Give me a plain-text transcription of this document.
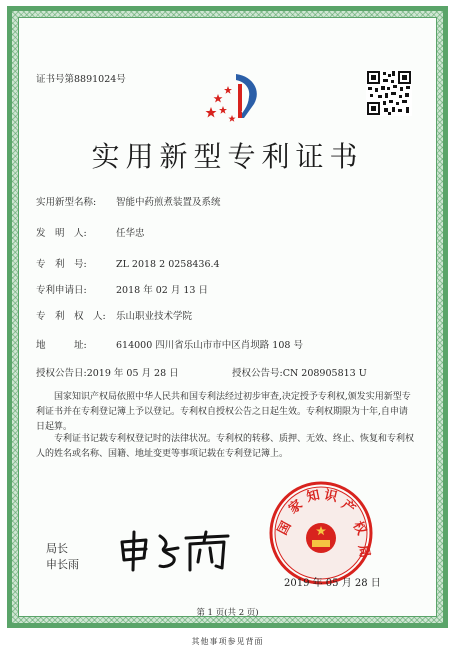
证书号第8891024号
实用新型专利证书
实用新型名称: 智能中药煎煮装置及系统
发　明　人:	任华忠
专　利　号:	ZL 2018 2 0258436.4
专利申请日:	2018 年 02 月 13 日
专　利　权　人: 乐山职业技术学院
地　　　址:	614000 四川省乐山市市中区肖坝路 108 号
授权公告日:2019 年 05 月 28 日	授权公告号:CN 208905813 U
国家知识产权局依照中华人民共和国专利法经过初步审查,决定授予专利权,颁发实用新型专利证书并在专利登记簿上予以登记。专利权自授权公告之日起生效。专利权期限为十年,自申请日起算。
专利证书记载专利权登记时的法律状况。专利权的转移、质押、无效、终止、恢复和专利权人的姓名或名称、国籍、地址变更等事项记载在专利登记簿上。
局长
申长雨
国
家
知 识
产
权
局
2019 年 05 月 28 日
第 1 页(共 2 页)
其他事项参见背面
